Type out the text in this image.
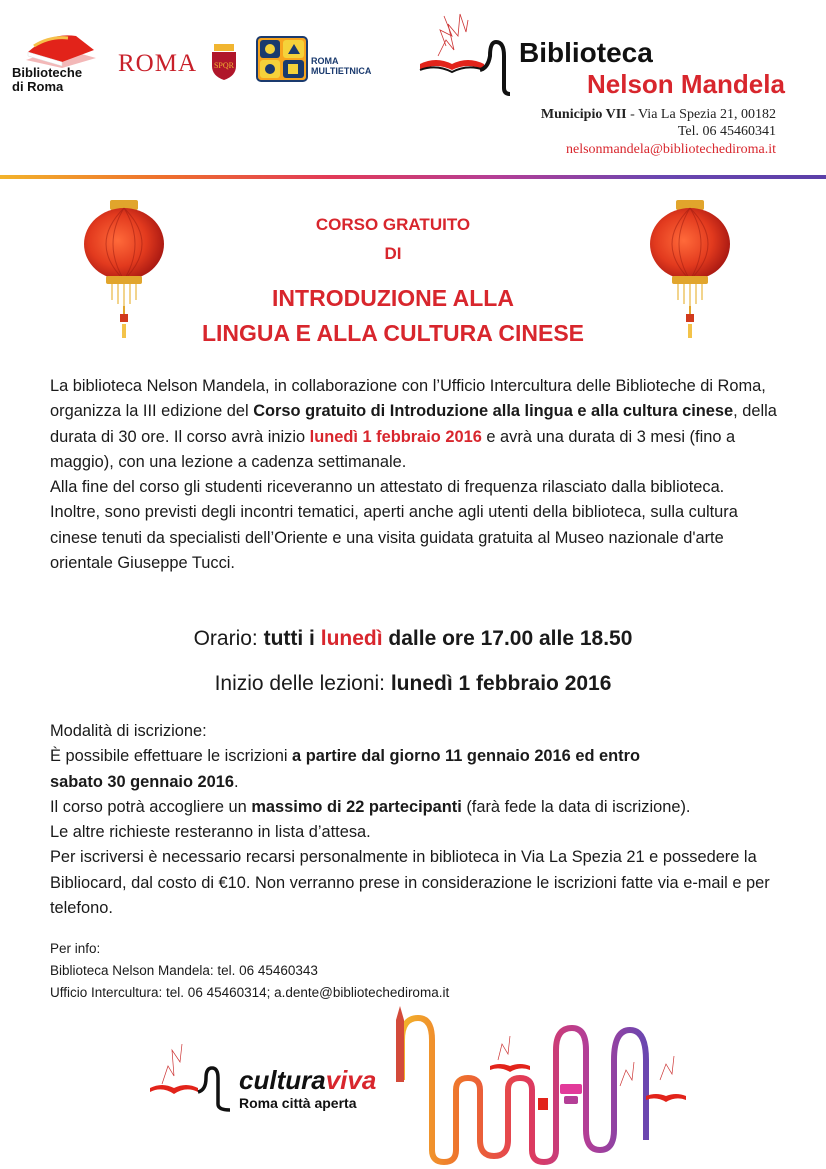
Biblioteche
di Roma
ROMA SPQR	ROMA
MULTIETNICA
Biblioteca
Nelson Mandela
Municipio VII - Via La Spezia 21, 00182
Tel. 06 45460341
nelsonmandela@bibliotechediroma.it
CORSO GRATUITO
DI
INTRODUZIONE ALLA
LINGUA E ALLA CULTURA CINESE
La biblioteca Nelson Mandela, in collaborazione con l’Ufficio Intercultura delle Biblioteche di Roma, organizza la III edizione del Corso gratuito di Introduzione alla lingua e alla cultura cinese, della durata di 30 ore. Il corso avrà inizio lunedì 1 febbraio 2016 e avrà una durata di 3 mesi (fino a maggio), con una lezione a cadenza settimanale.
Alla fine del corso gli studenti riceveranno un attestato di frequenza rilasciato dalla biblioteca.
Inoltre, sono previsti degli incontri tematici, aperti anche agli utenti della biblioteca, sulla cultura cinese tenuti da specialisti dell’Oriente e una visita guidata gratuita al Museo nazionale d'arte orientale Giuseppe Tucci.
Orario: tutti i lunedì dalle ore 17.00 alle 18.50
Inizio delle lezioni: lunedì 1 febbraio 2016
Modalità di iscrizione:
È possibile effettuare le iscrizioni a partire dal giorno 11 gennaio 2016 ed entro
sabato 30 gennaio 2016.
Il corso potrà accogliere un massimo di 22 partecipanti (farà fede la data di iscrizione).
Le altre richieste resteranno in lista d’attesa.
Per iscriversi è necessario recarsi personalmente in biblioteca in Via La Spezia 21 e possedere la Bibliocard, dal costo di €10. Non verranno prese in considerazione le iscrizioni fatte via e-mail e per telefono.
Per info:
Biblioteca Nelson Mandela: tel. 06 45460343
Ufficio Intercultura: tel. 06 45460314; a.dente@bibliotechediroma.it
culturaviva
Roma città aperta
